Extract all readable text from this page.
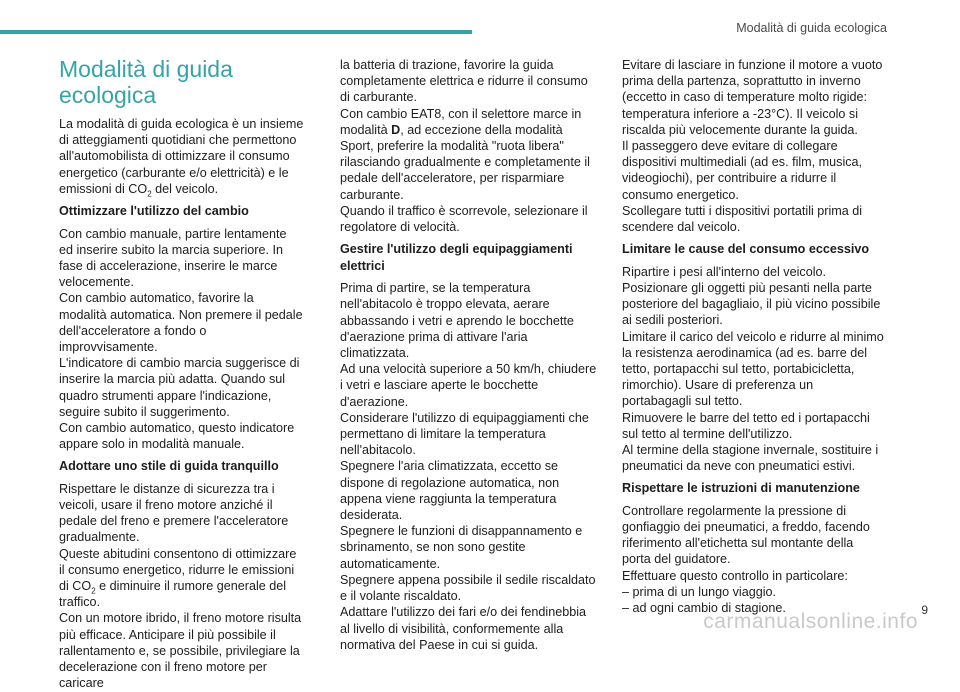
Modalità di guida ecologica
Modalità di guida
ecologica

La modalità di guida ecologica è un insieme di atteggiamenti quotidiani che permettono all'automobilista di ottimizzare il consumo energetico (carburante e/o elettricità) e le emissioni di $CO_2$ del veicolo.

Ottimizzare l'utilizzo del cambio

Con cambio manuale, partire lentamente ed inserire subito la marcia superiore. In fase di accelerazione, inserire le marce velocemente.

Con cambio automatico, favorire la modalità automatica. Non premere il pedale dell'acceleratore a fondo o improvvisamente.

L'indicatore di cambio marcia suggerisce di inserire la marcia più adatta. Quando sul quadro strumenti appare l'indicazione, seguire subito il suggerimento.

Con cambio automatico, questo indicatore appare solo in modalità manuale.

Adottare uno stile di guida tranquillo

Rispettare le distanze di sicurezza tra i veicoli, usare il freno motore anziché il pedale del freno e premere l'acceleratore gradualmente.

Queste abitudini consentono di ottimizzare il consumo energetico, ridurre le emissioni di $CO_2$ e diminuire il rumore generale del traffico.

Con un motore ibrido, il freno motore risulta più efficace. Anticipare il più possibile il rallentamento e, se possibile, privilegiare la decelerazione con il freno motore per caricare

la batteria di trazione, favorire la guida completamente elettrica e ridurre il consumo di carburante.

Con cambio EAT8, con il selettore marce in modalità D, ad eccezione della modalità Sport, preferire la modalità "ruota libera" rilasciando gradualmente e completamente il pedale dell'acceleratore, per risparmiare carburante.

Quando il traffico è scorrevole, selezionare il regolatore di velocità.

Gestire l'utilizzo degli equipaggiamenti elettrici

Prima di partire, se la temperatura nell'abitacolo è troppo elevata, aerare abbassando i vetri e aprendo le bocchette d'aerazione prima di attivare l'aria climatizzata.

Ad una velocità superiore a 50 km/h, chiudere i vetri e lasciare aperte le bocchette d'aerazione.

Considerare l'utilizzo di equipaggiamenti che permettano di limitare la temperatura nell'abitacolo.

Spegnere l'aria climatizzata, eccetto se dispone di regolazione automatica, non appena viene raggiunta la temperatura desiderata.

Spegnere le funzioni di disappannamento e sbrinamento, se non sono gestite automaticamente.

Spegnere appena possibile il sedile riscaldato e il volante riscaldato.

Adattare l'utilizzo dei fari e/o dei fendinebbia al livello di visibilità, conformemente alla normativa del Paese in cui si guida.

Evitare di lasciare in funzione il motore a vuoto prima della partenza, soprattutto in inverno (eccetto in caso di temperature molto rigide: temperatura inferiore a -23°C). Il veicolo si riscalda più velocemente durante la guida.

Il passeggero deve evitare di collegare dispositivi multimediali (ad es. film, musica, videogiochi), per contribuire a ridurre il consumo energetico.

Scollegare tutti i dispositivi portatili prima di scendere dal veicolo.

Limitare le cause del consumo eccessivo

Ripartire i pesi all'interno del veicolo. Posizionare gli oggetti più pesanti nella parte posteriore del bagagliaio, il più vicino possibile ai sedili posteriori.

Limitare il carico del veicolo e ridurre al minimo la resistenza aerodinamica (ad es. barre del tetto, portapacchi sul tetto, portabicicletta, rimorchio). Usare di preferenza un portabagagli sul tetto.

Rimuovere le barre del tetto ed i portapacchi sul tetto al termine dell'utilizzo.

Al termine della stagione invernale, sostituire i pneumatici da neve con pneumatici estivi.

Rispettare le istruzioni di manutenzione

Controllare regolarmente la pressione di gonfiaggio dei pneumatici, a freddo, facendo riferimento all'etichetta sul montante della porta del guidatore.

Effettuare questo controllo in particolare:

– prima di un lungo viaggio.

– ad ogni cambio di stagione.	9
carmanualsonline.info
